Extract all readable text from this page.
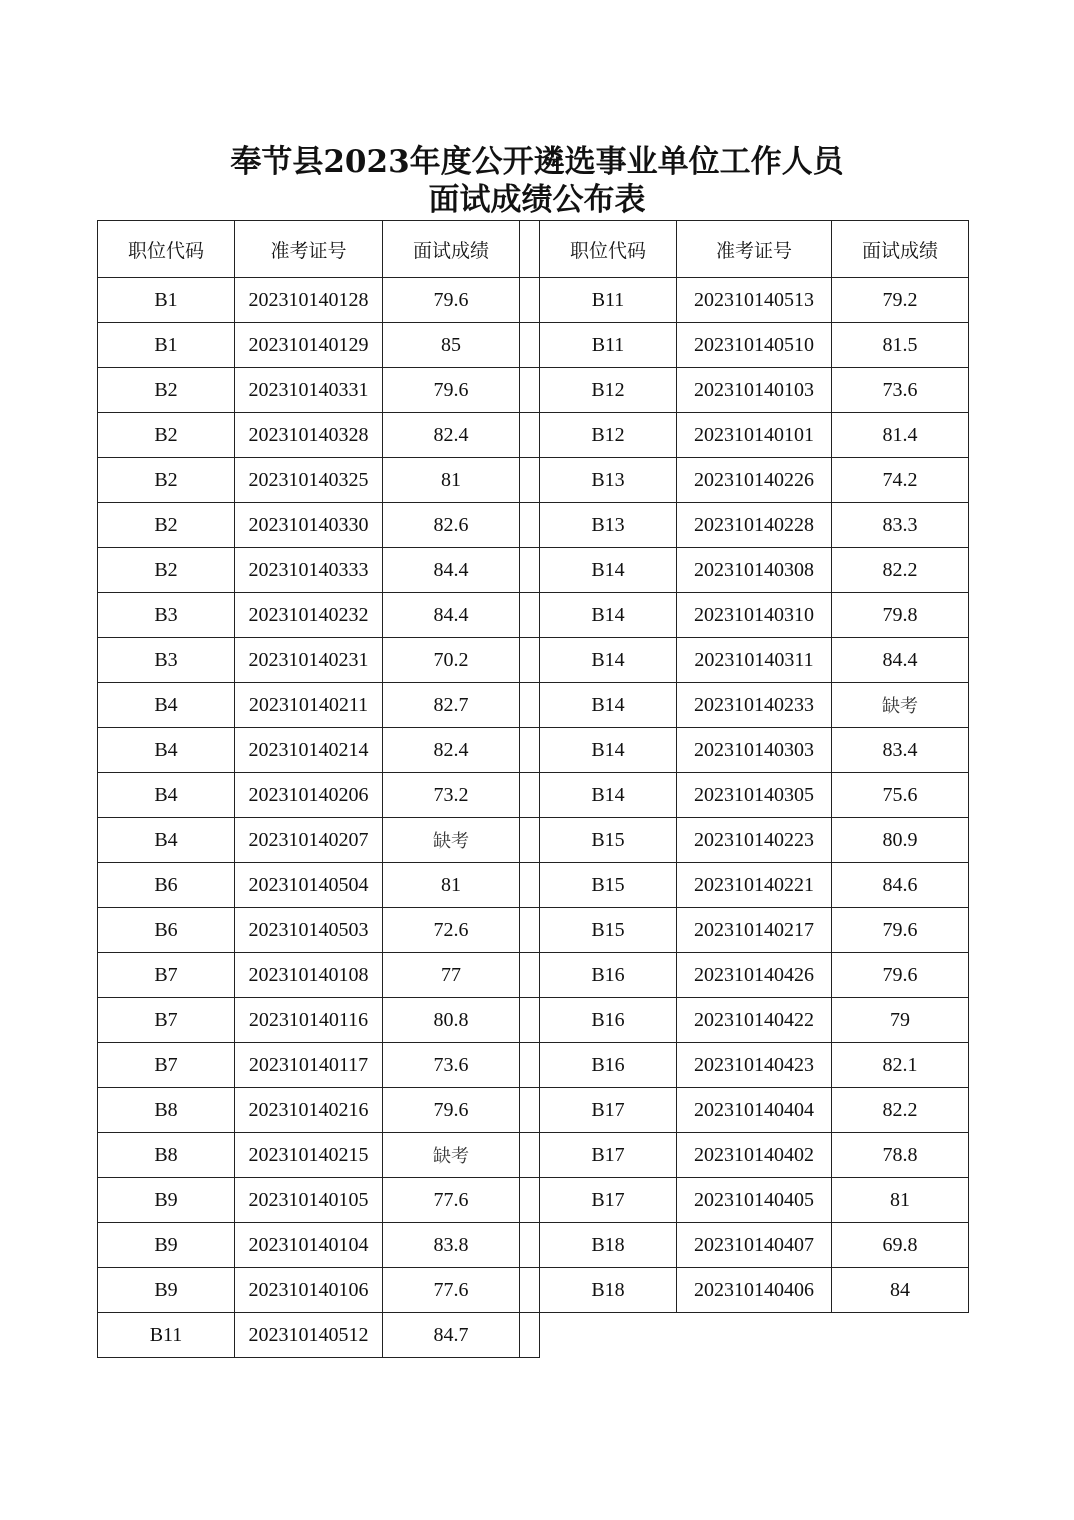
奉节县2023年度公开遴选事业单位工作人员
面试成绩公布表
职位代码	准考证号	面试成绩	
B1	202310140128	79.6	
B1	202310140129	85	
B2	202310140331	79.6	
B2	202310140328	82.4	
B2	202310140325	81	
B2	202310140330	82.6	
B2	202310140333	84.4	
B3	202310140232	84.4	
B3	202310140231	70.2	
B4	202310140211	82.7	
B4	202310140214	82.4	
B4	202310140206	73.2	
B4	202310140207	缺考	
B6	202310140504	81	
B6	202310140503	72.6	
B7	202310140108	77	
B7	202310140116	80.8	
B7	202310140117	73.6	
B8	202310140216	79.6	
B8	202310140215	缺考	
B9	202310140105	77.6	
B9	202310140104	83.8	
B9	202310140106	77.6	
B11	202310140512	84.7	
职位代码	准考证号	面试成绩
B11	202310140513	79.2
B11	202310140510	81.5
B12	202310140103	73.6
B12	202310140101	81.4
B13	202310140226	74.2
B13	202310140228	83.3
B14	202310140308	82.2
B14	202310140310	79.8
B14	202310140311	84.4
B14	202310140233	缺考
B14	202310140303	83.4
B14	202310140305	75.6
B15	202310140223	80.9
B15	202310140221	84.6
B15	202310140217	79.6
B16	202310140426	79.6
B16	202310140422	79
B16	202310140423	82.1
B17	202310140404	82.2
B17	202310140402	78.8
B17	202310140405	81
B18	202310140407	69.8
B18	202310140406	84
